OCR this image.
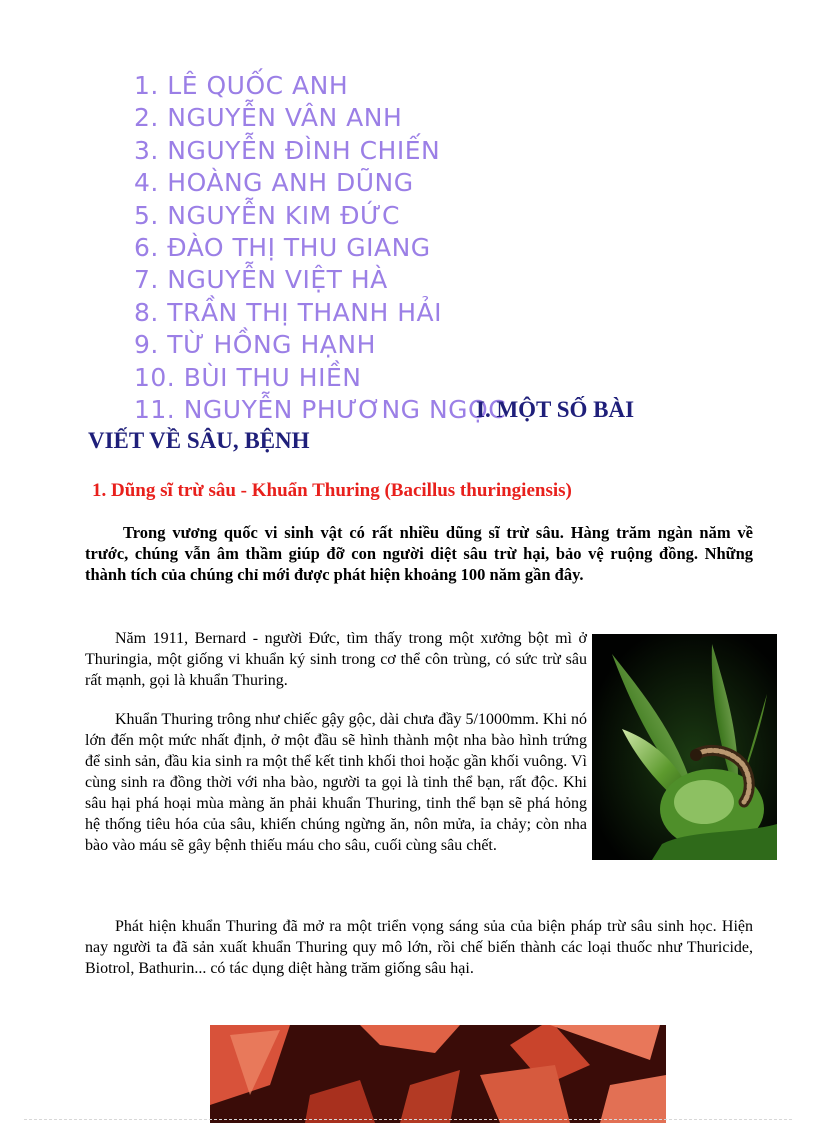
1. LÊ QUỐC ANH
2. NGUYỄN VÂN ANH
3. NGUYỄN ĐÌNH CHIẾN
4. HOÀNG ANH DŨNG
5. NGUYỄN KIM ĐỨC
6. ĐÀO THỊ THU GIANG
7. NGUYỄN VIỆT HÀ
8. TRẦN THỊ THANH HẢI
9. TỪ HỒNG HẠNH
10. BÙI THU HIỀN
11. NGUYỄN PHƯƠNG NGỌC
I. MỘT SỐ BÀI
VIẾT VỀ SÂU, BỆNH
1. Dũng sĩ trừ sâu - Khuẩn Thuring (Bacillus thuringiensis)

Trong vương quốc vi sinh vật có rất nhiều dũng sĩ trừ sâu. Hàng trăm ngàn năm về trước, chúng vẫn âm thầm giúp đỡ con người diệt sâu trừ hại, bảo vệ ruộng đồng. Những thành tích của chúng chỉ mới được phát hiện khoảng 100 năm gần đây.

Năm 1911, Bernard - người Đức, tìm thấy trong một xưởng bột mì ở Thuringia, một giống vi khuẩn ký sinh trong cơ thể côn trùng, có sức trừ sâu rất mạnh, gọi là khuẩn Thuring.

Khuẩn Thuring trông như chiếc gậy gộc, dài chưa đầy 5/1000mm. Khi nó lớn đến một mức nhất định, ở một đầu sẽ hình thành một nha bào hình trứng để sinh sản, đầu kia sinh ra một thể kết tinh khối thoi hoặc gần khối vuông. Vì cùng sinh ra đồng thời với nha bào, người ta gọi là tinh thể bạn, rất độc. Khi sâu hại phá hoại mùa màng ăn phải khuẩn Thuring, tinh thể bạn sẽ phá hỏng hệ thống tiêu hóa của sâu, khiến chúng ngừng ăn, nôn mửa, ỉa chảy; còn nha bào vào máu sẽ gây bệnh thiếu máu cho sâu, cuối cùng sâu chết.

Phát hiện khuẩn Thuring đã mở ra một triển vọng sáng sủa của biện pháp trừ sâu sinh học. Hiện nay người ta đã sản xuất khuẩn Thuring quy mô lớn, rồi chế biến thành các loại thuốc như Thuricide, Biotrol, Bathurin... có tác dụng diệt hàng trăm giống sâu hại.
